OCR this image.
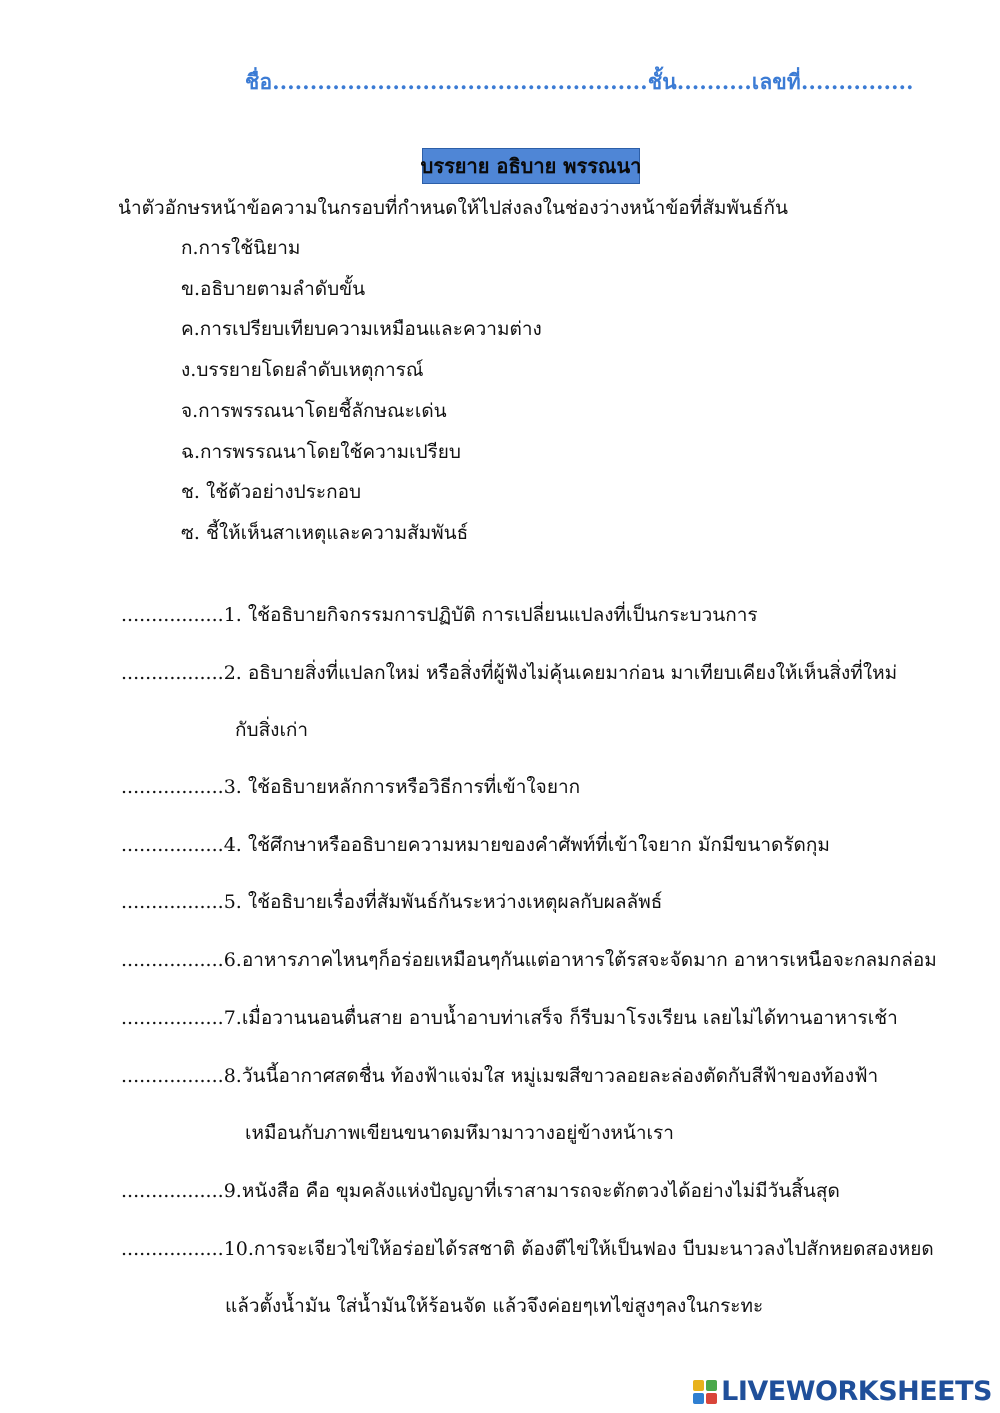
ชื่อ..................................................ชั้น..........เลขที่...............
บรรยาย อธิบาย พรรณนา
นำตัวอักษรหน้าข้อความในกรอบที่กำหนดให้ไปส่งลงในช่องว่างหน้าข้อที่สัมพันธ์กัน
ก.การใช้นิยาม
ข.อธิบายตามลำดับขั้น
ค.การเปรียบเทียบความเหมือนและความต่าง
ง.บรรยายโดยลำดับเหตุการณ์
จ.การพรรณนาโดยชี้ลักษณะเด่น
ฉ.การพรรณนาโดยใช้ความเปรียบ
ช. ใช้ตัวอย่างประกอบ
ซ. ชี้ให้เห็นสาเหตุและความสัมพันธ์
.................1. ใช้อธิบายกิจกรรมการปฏิบัติ การเปลี่ยนแปลงที่เป็นกระบวนการ
.................2. อธิบายสิ่งที่แปลกใหม่ หรือสิ่งที่ผู้ฟังไม่คุ้นเคยมาก่อน มาเทียบเคียงให้เห็นสิ่งที่ใหม่
กับสิ่งเก่า
.................3. ใช้อธิบายหลักการหรือวิธีการที่เข้าใจยาก
.................4. ใช้ศึกษาหรืออธิบายความหมายของคำศัพท์ที่เข้าใจยาก มักมีขนาดรัดกุม
.................5. ใช้อธิบายเรื่องที่สัมพันธ์กันระหว่างเหตุผลกับผลลัพธ์
.................6.อาหารภาคไหนๆก็อร่อยเหมือนๆกันแต่อาหารใต้รสจะจัดมาก อาหารเหนือจะกลมกล่อม
.................7.เมื่อวานนอนตื่นสาย อาบน้ำอาบท่าเสร็จ ก็รีบมาโรงเรียน เลยไม่ได้ทานอาหารเช้า
.................8.วันนี้อากาศสดชื่น ท้องฟ้าแจ่มใส หมู่เมฆสีขาวลอยละล่องตัดกับสีฟ้าของท้องฟ้า
เหมือนกับภาพเขียนขนาดมหึมามาวางอยู่ข้างหน้าเรา
.................9.หนังสือ คือ ขุมคลังแห่งปัญญาที่เราสามารถจะตักตวงได้อย่างไม่มีวันสิ้นสุด
.................10.การจะเจียวไข่ให้อร่อยได้รสชาติ ต้องตีไข่ให้เป็นฟอง บีบมะนาวลงไปสักหยดสองหยด
แล้วตั้งน้ำมัน ใส่น้ำมันให้ร้อนจัด แล้วจึงค่อยๆเทไข่สูงๆลงในกระทะ
LIVEWORKSHEETS
